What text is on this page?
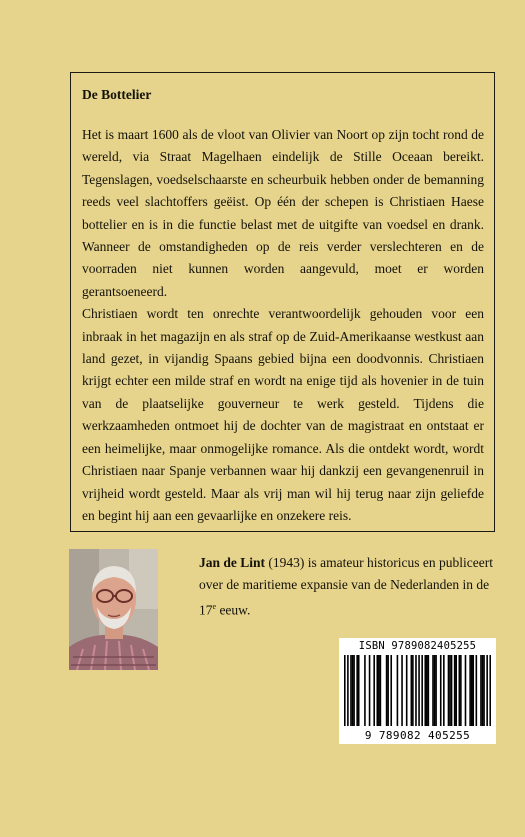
De Bottelier

Het is maart 1600 als de vloot van Olivier van Noort op zijn tocht rond de wereld, via Straat Magelhaen eindelijk de Stille Oceaan bereikt. Tegenslagen, voedselschaarste en scheurbuik hebben onder de bemanning reeds veel slachtoffers geëist. Op één der schepen is Christiaen Haese bottelier en is in die functie belast met de uitgifte van voedsel en drank. Wanneer de omstandigheden op de reis verder verslechteren en de voorraden niet kunnen worden aangevuld, moet er worden gerantsoeneerd.

Christiaen wordt ten onrechte verantwoordelijk gehouden voor een inbraak in het magazijn en als straf op de Zuid-Amerikaanse westkust aan land gezet, in vijandig Spaans gebied bijna een doodvonnis. Christiaen krijgt echter een milde straf en wordt na enige tijd als hovenier in de tuin van de plaatselijke gouverneur te werk gesteld. Tijdens die werkzaamheden ontmoet hij de dochter van de magistraat en ontstaat er een heimelijke, maar onmogelijke romance. Als die ontdekt wordt, wordt Christiaen naar Spanje verbannen waar hij dankzij een gevangenenruil in vrijheid wordt gesteld. Maar als vrij man wil hij terug naar zijn geliefde en begint hij aan een gevaarlijke en onzekere reis.

Jan de Lint (1943) is amateur historicus en publiceert over de maritieme expansie van de Nederlanden in de 17e eeuw.

ISBN 9789082405255
9 789082 405255
